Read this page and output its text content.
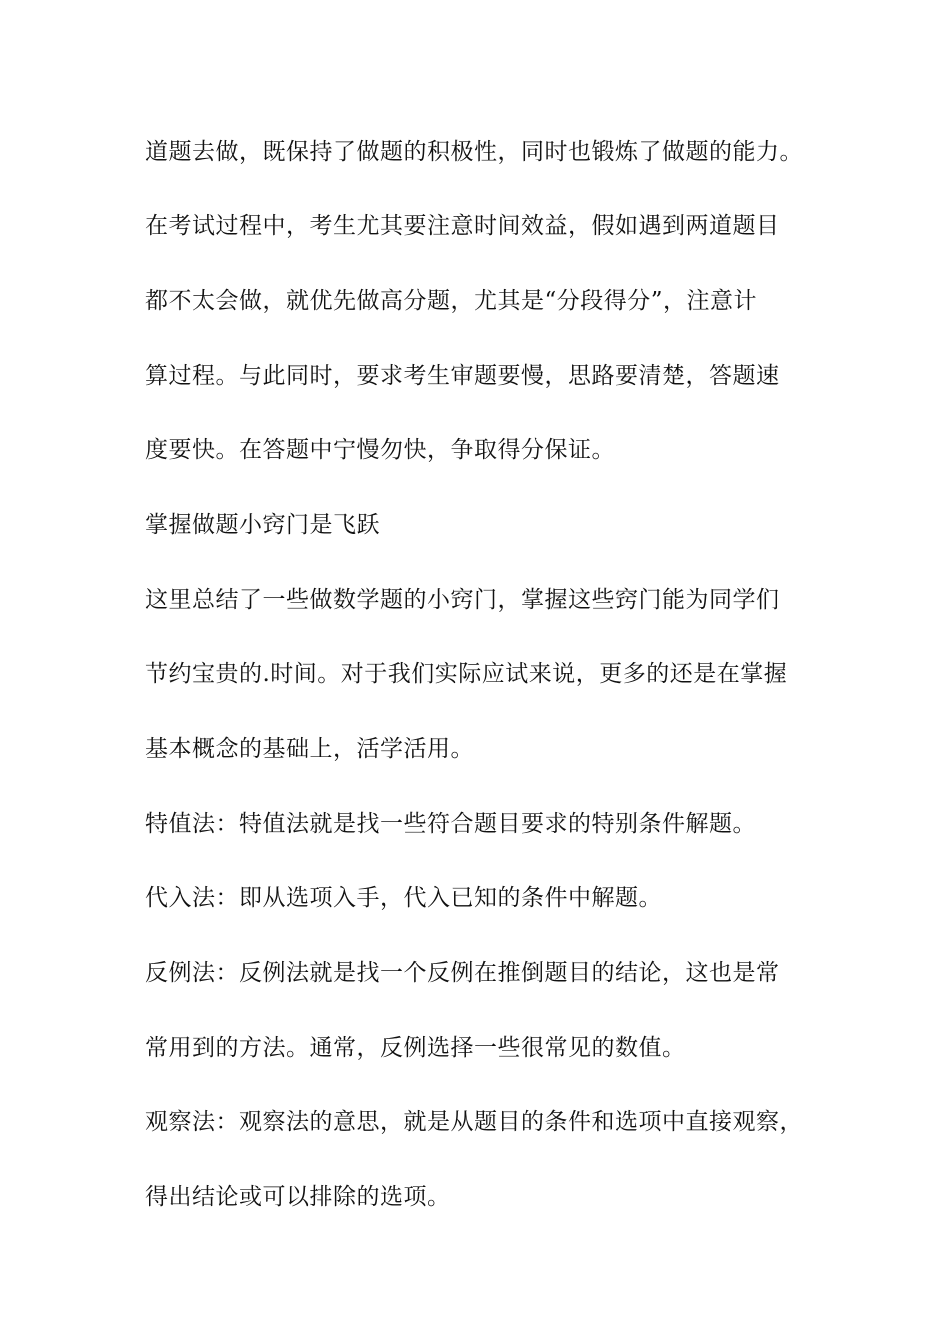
道题去做，既保持了做题的积极性，同时也锻炼了做题的能力。
在考试过程中，考生尤其要注意时间效益，假如遇到两道题目
都不太会做，就优先做高分题，尤其是“分段得分”，注意计
算过程。与此同时，要求考生审题要慢，思路要清楚，答题速
度要快。在答题中宁慢勿快，争取得分保证。
掌握做题小窍门是飞跃
这里总结了一些做数学题的小窍门，掌握这些窍门能为同学们
节约宝贵的.时间。对于我们实际应试来说，更多的还是在掌握
基本概念的基础上，活学活用。
特值法：特值法就是找一些符合题目要求的特别条件解题。
代入法：即从选项入手，代入已知的条件中解题。
反例法：反例法就是找一个反例在推倒题目的结论，这也是常
常用到的方法。通常，反例选择一些很常见的数值。
观察法：观察法的意思，就是从题目的条件和选项中直接观察，
得出结论或可以排除的选项。
